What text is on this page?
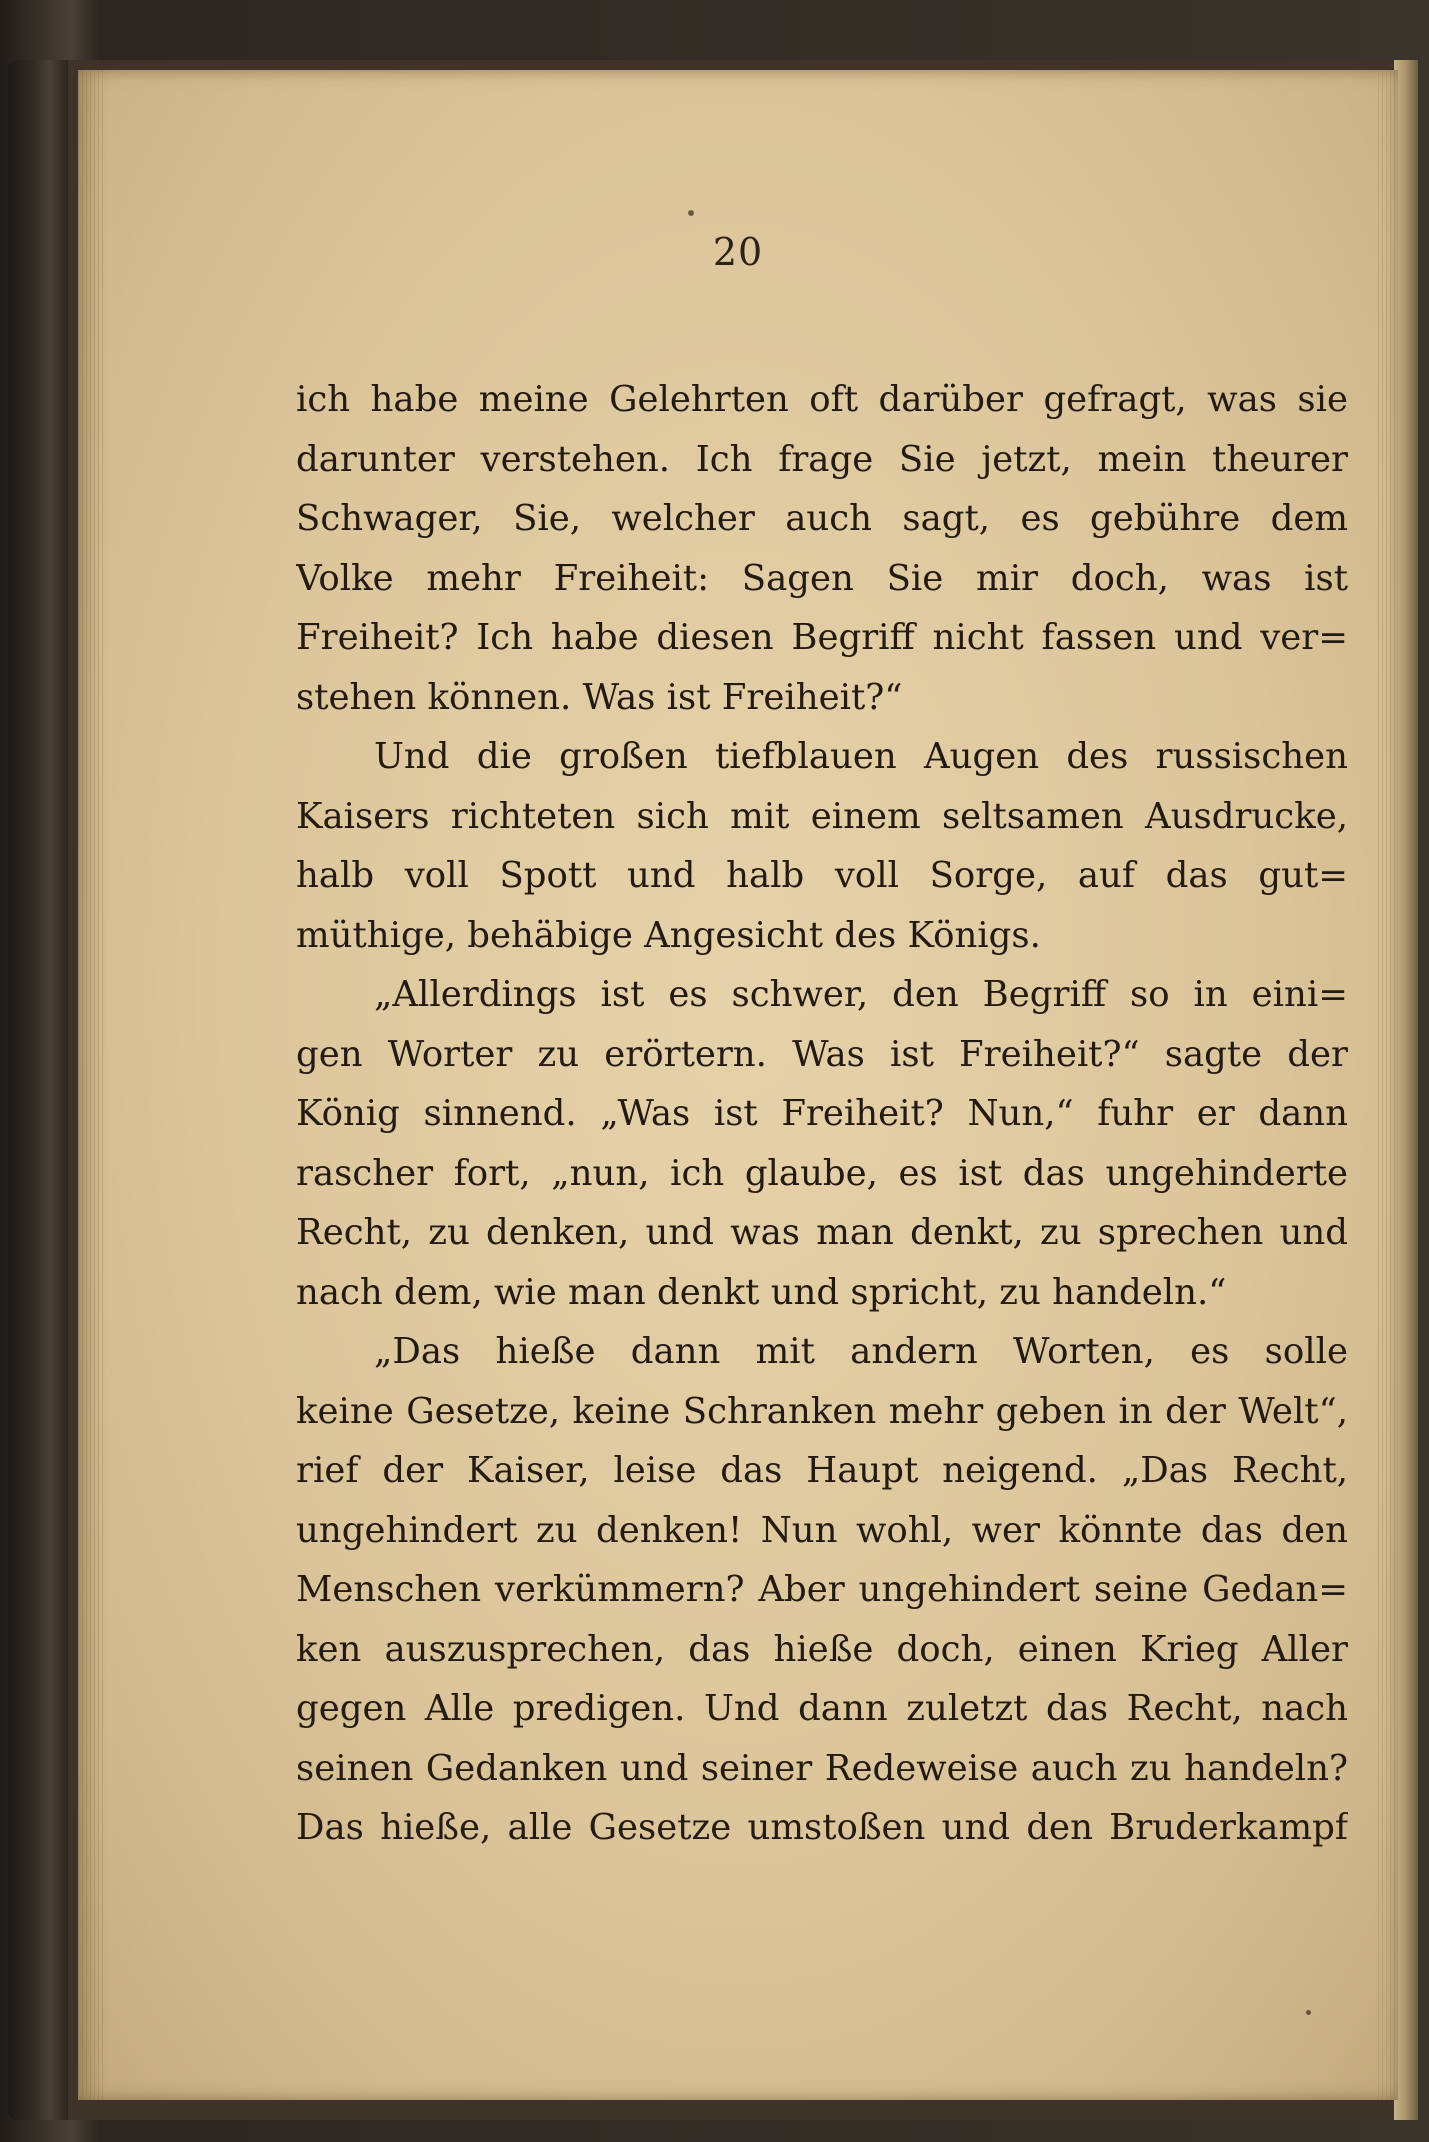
20
ich habe meine Gelehrten oft darüber gefragt, was sie
darunter verstehen. Ich frage Sie jetzt, mein theurer
Schwager, Sie, welcher auch sagt, es gebühre dem
Volke mehr Freiheit: Sagen Sie mir doch, was ist
Freiheit? Ich habe diesen Begriff nicht fassen und ver=
stehen können. Was ist Freiheit?“
Und die großen tiefblauen Augen des russischen
Kaisers richteten sich mit einem seltsamen Ausdrucke,
halb voll Spott und halb voll Sorge, auf das gut=
müthige, behäbige Angesicht des Königs.
„Allerdings ist es schwer, den Begriff so in eini=
gen Worter zu erörtern. Was ist Freiheit?“ sagte der
König sinnend. „Was ist Freiheit? Nun,“ fuhr er dann
rascher fort, „nun, ich glaube, es ist das ungehinderte
Recht, zu denken, und was man denkt, zu sprechen und
nach dem, wie man denkt und spricht, zu handeln.“
„Das hieße dann mit andern Worten, es solle
keine Gesetze, keine Schranken mehr geben in der Welt“,
rief der Kaiser, leise das Haupt neigend. „Das Recht,
ungehindert zu denken! Nun wohl, wer könnte das den
Menschen verkümmern? Aber ungehindert seine Gedan=
ken auszusprechen, das hieße doch, einen Krieg Aller
gegen Alle predigen. Und dann zuletzt das Recht, nach
seinen Gedanken und seiner Redeweise auch zu handeln?
Das hieße, alle Gesetze umstoßen und den Bruderkampf
